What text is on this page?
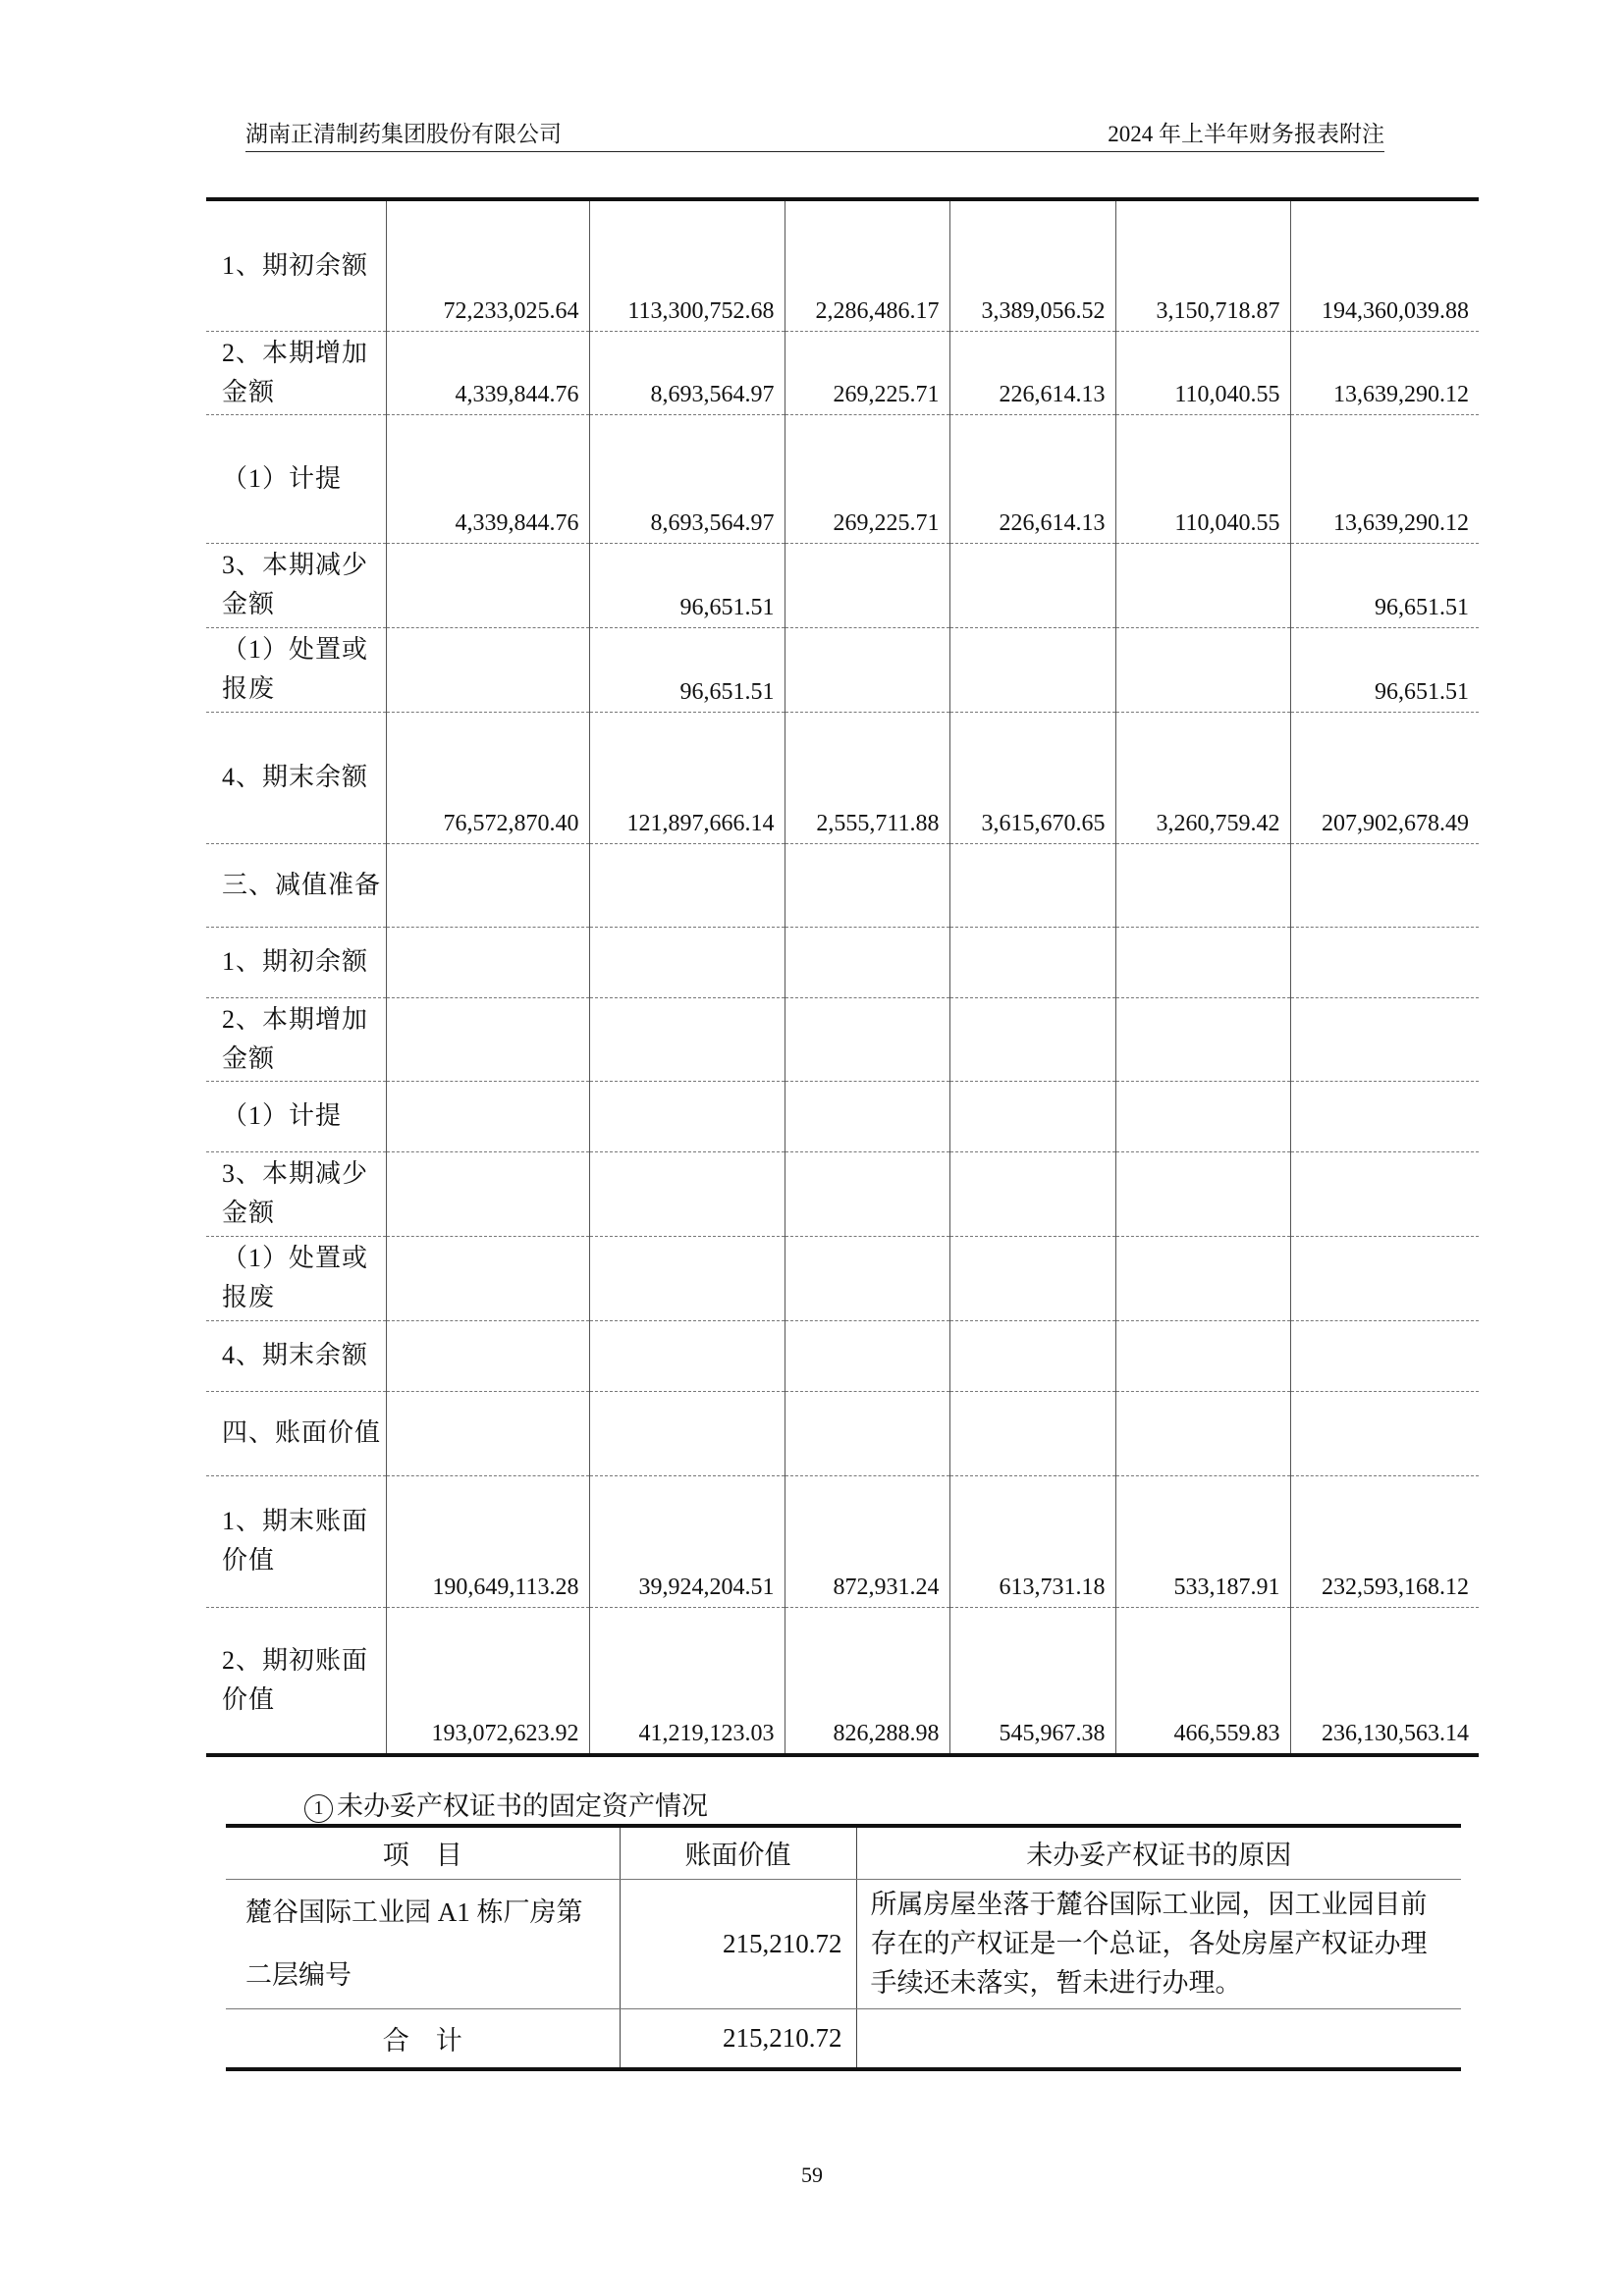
湖南正清制药集团股份有限公司	2024 年上半年财务报表附注
1、期初余额	72,233,025.64	113,300,752.68	2,286,486.17	3,389,056.52	3,150,718.87	194,360,039.88
2、本期增加金额	4,339,844.76	8,693,564.97	269,225.71	226,614.13	110,040.55	13,639,290.12
（1）计提	4,339,844.76	8,693,564.97	269,225.71	226,614.13	110,040.55	13,639,290.12
3、本期减少金额		96,651.51				96,651.51
（1）处置或报废		96,651.51				96,651.51
4、期末余额	76,572,870.40	121,897,666.14	2,555,711.88	3,615,670.65	3,260,759.42	207,902,678.49
三、减值准备						
1、期初余额						
2、本期增加金额						
（1）计提						
3、本期减少金额						
（1）处置或报废						
4、期末余额						
四、账面价值						
1、期末账面价值	190,649,113.28	39,924,204.51	872,931.24	613,731.18	533,187.91	232,593,168.12
2、期初账面价值	193,072,623.92	41,219,123.03	826,288.98	545,967.38	466,559.83	236,130,563.14
1 未办妥产权证书的固定资产情况
项　目	账面价值	未办妥产权证书的原因
麓谷国际工业园 A1 栋厂房第二层编号	215,210.72	所属房屋坐落于麓谷国际工业园，因工业园目前存在的产权证是一个总证，各处房屋产权证办理手续还未落实，暂未进行办理。
合　计	215,210.72	
59
